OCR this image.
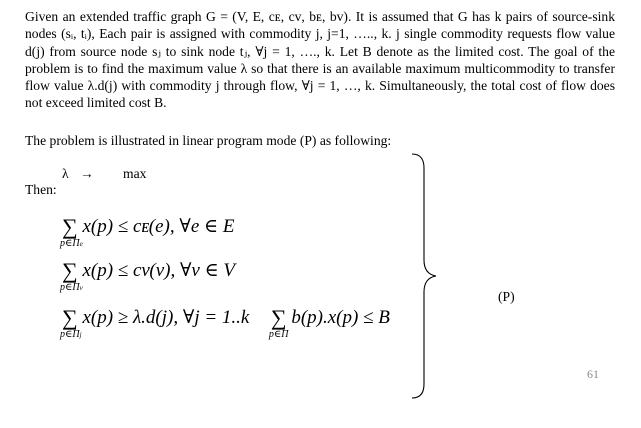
Given an extended traffic graph G = (V, E, cᴇ, cᴠ, bᴇ, bᴠ). It is assumed that G has k pairs of source-sink nodes (sᵢ, tᵢ), Each pair is assigned with commodity j, j=1, ….., k. j single commodity requests flow value d(j) from source node sⱼ to sink node tⱼ, ∀j = 1, …., k. Let B denote as the limited cost. The goal of the problem is to find the maximum value λ so that there is an available maximum multicommodity to transfer flow value λ.d(j) with commodity j through flow, ∀j = 1, …, k. Simultaneously, the total cost of flow does not exceed limited cost B.
The problem is illustrated in linear program mode (P) as following:
λ → max
Then:
∑
p∈Πe
x(p) ≤ cᴇ(e), ∀e ∈ E
∑
p∈Πv
x(p) ≤ cᴠ(v), ∀v ∈ V
∑
p∈Πj
x(p) ≥ λ.d(j), ∀j = 1..k ∑
p∈Π
b(p).x(p) ≤ B
(P)
61
